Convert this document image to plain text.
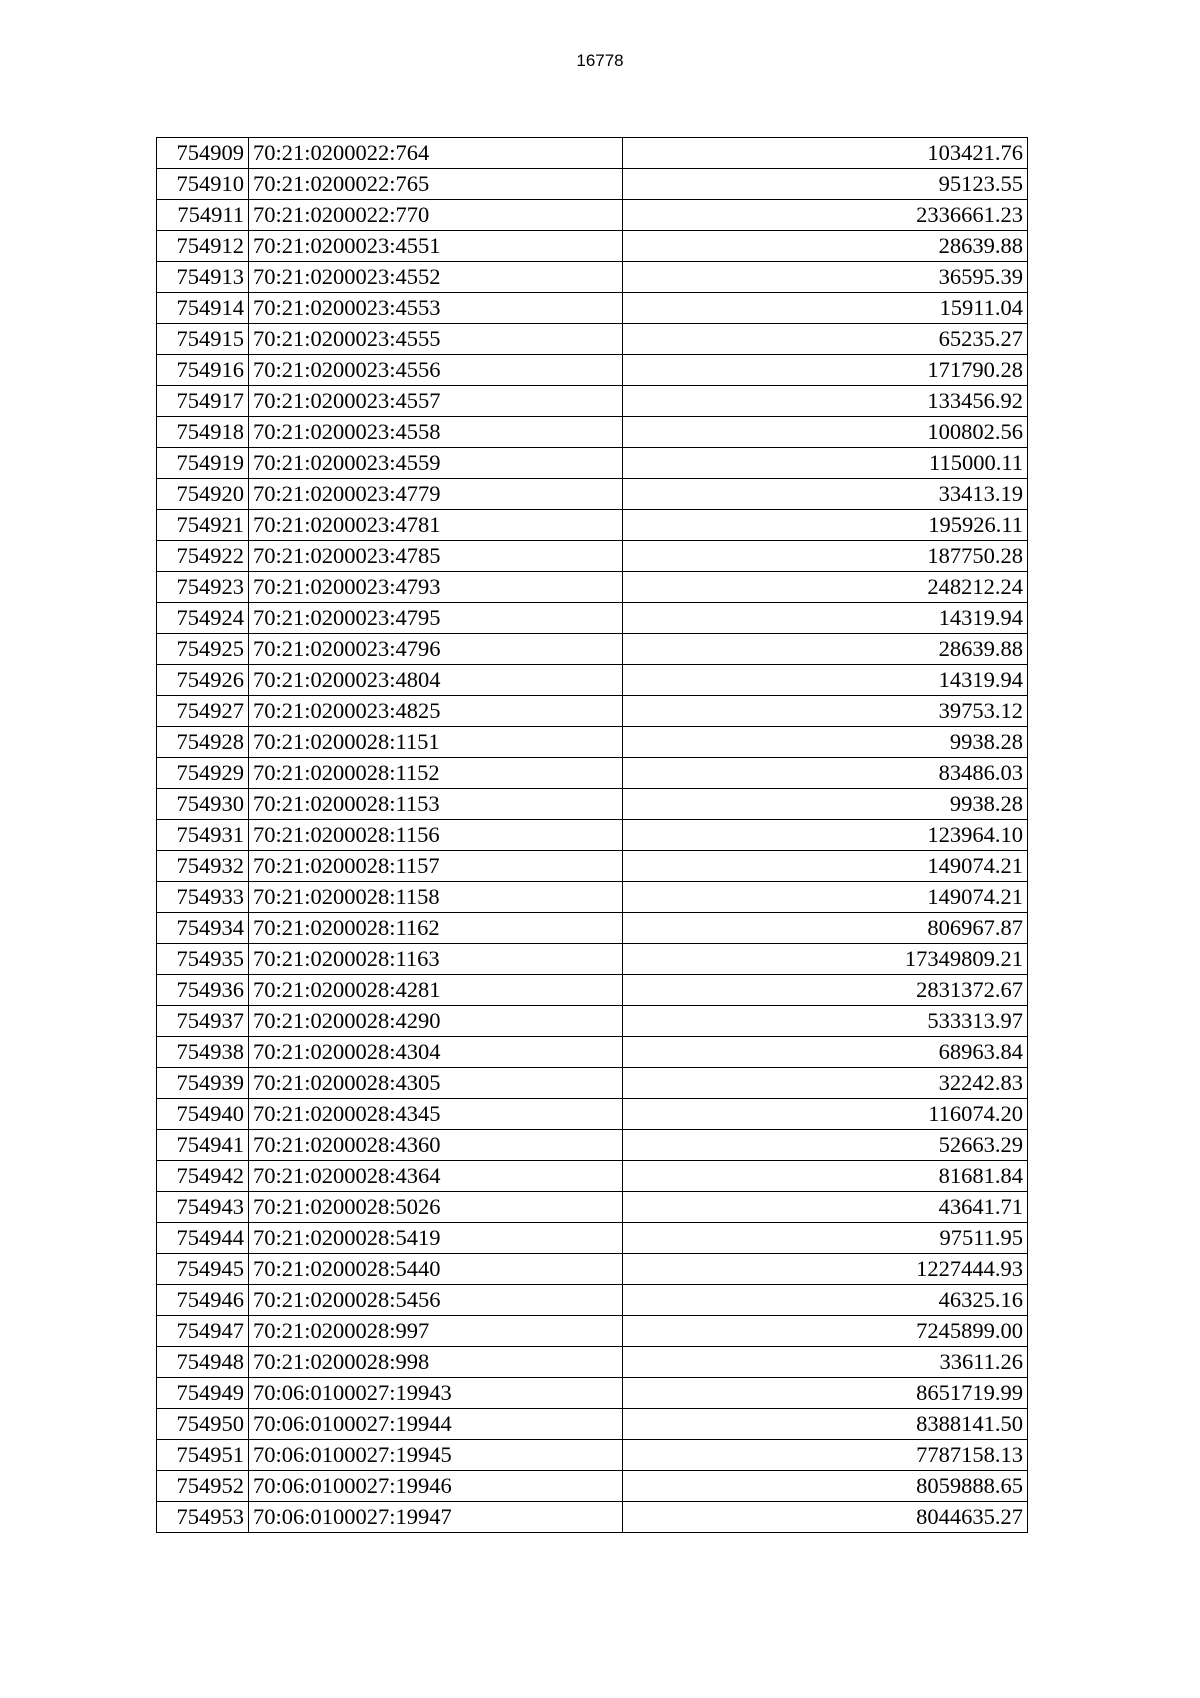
16778
754909	70:21:0200022:764	103421.76
754910	70:21:0200022:765	95123.55
754911	70:21:0200022:770	2336661.23
754912	70:21:0200023:4551	28639.88
754913	70:21:0200023:4552	36595.39
754914	70:21:0200023:4553	15911.04
754915	70:21:0200023:4555	65235.27
754916	70:21:0200023:4556	171790.28
754917	70:21:0200023:4557	133456.92
754918	70:21:0200023:4558	100802.56
754919	70:21:0200023:4559	115000.11
754920	70:21:0200023:4779	33413.19
754921	70:21:0200023:4781	195926.11
754922	70:21:0200023:4785	187750.28
754923	70:21:0200023:4793	248212.24
754924	70:21:0200023:4795	14319.94
754925	70:21:0200023:4796	28639.88
754926	70:21:0200023:4804	14319.94
754927	70:21:0200023:4825	39753.12
754928	70:21:0200028:1151	9938.28
754929	70:21:0200028:1152	83486.03
754930	70:21:0200028:1153	9938.28
754931	70:21:0200028:1156	123964.10
754932	70:21:0200028:1157	149074.21
754933	70:21:0200028:1158	149074.21
754934	70:21:0200028:1162	806967.87
754935	70:21:0200028:1163	17349809.21
754936	70:21:0200028:4281	2831372.67
754937	70:21:0200028:4290	533313.97
754938	70:21:0200028:4304	68963.84
754939	70:21:0200028:4305	32242.83
754940	70:21:0200028:4345	116074.20
754941	70:21:0200028:4360	52663.29
754942	70:21:0200028:4364	81681.84
754943	70:21:0200028:5026	43641.71
754944	70:21:0200028:5419	97511.95
754945	70:21:0200028:5440	1227444.93
754946	70:21:0200028:5456	46325.16
754947	70:21:0200028:997	7245899.00
754948	70:21:0200028:998	33611.26
754949	70:06:0100027:19943	8651719.99
754950	70:06:0100027:19944	8388141.50
754951	70:06:0100027:19945	7787158.13
754952	70:06:0100027:19946	8059888.65
754953	70:06:0100027:19947	8044635.27
